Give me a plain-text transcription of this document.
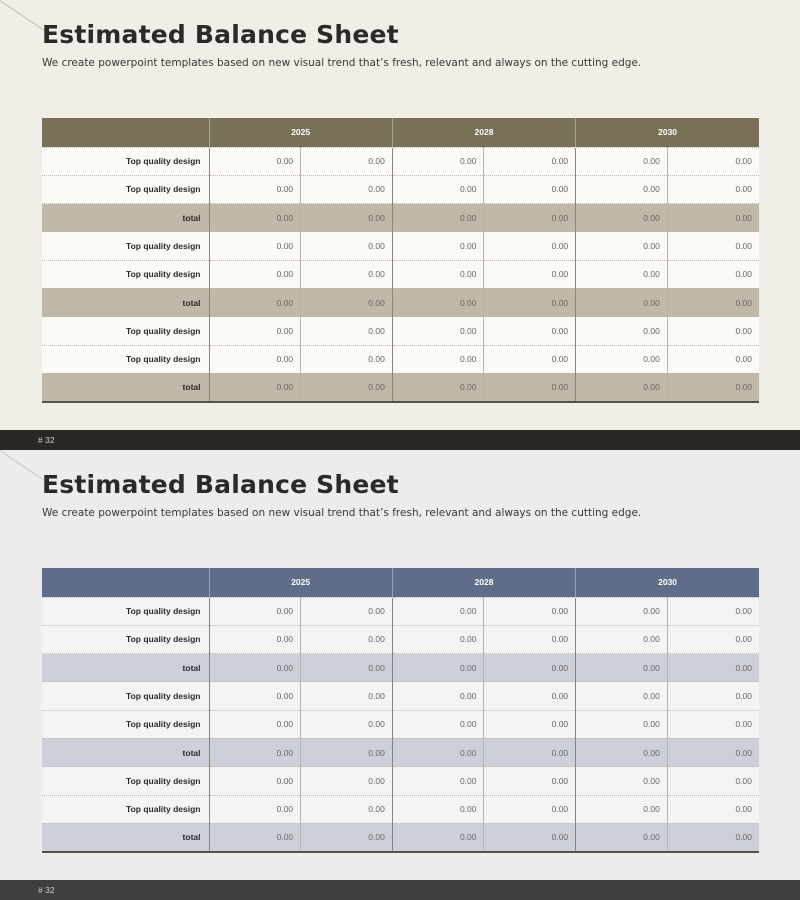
Estimated Balance Sheet

We create powerpoint templates based on new visual trend that’s fresh, relevant and always on the cutting edge.

	2025		2028		2030	
Top quality design	0.00	0.00	0.00	0.00	0.00	0.00
Top quality design	0.00	0.00	0.00	0.00	0.00	0.00
total	0.00	0.00	0.00	0.00	0.00	0.00
Top quality design	0.00	0.00	0.00	0.00	0.00	0.00
Top quality design	0.00	0.00	0.00	0.00	0.00	0.00
total	0.00	0.00	0.00	0.00	0.00	0.00
Top quality design	0.00	0.00	0.00	0.00	0.00	0.00
Top quality design	0.00	0.00	0.00	0.00	0.00	0.00
total	0.00	0.00	0.00	0.00	0.00	0.00
# 32
Estimated Balance Sheet

We create powerpoint templates based on new visual trend that’s fresh, relevant and always on the cutting edge.

	2025		2028		2030	
Top quality design	0.00	0.00	0.00	0.00	0.00	0.00
Top quality design	0.00	0.00	0.00	0.00	0.00	0.00
total	0.00	0.00	0.00	0.00	0.00	0.00
Top quality design	0.00	0.00	0.00	0.00	0.00	0.00
Top quality design	0.00	0.00	0.00	0.00	0.00	0.00
total	0.00	0.00	0.00	0.00	0.00	0.00
Top quality design	0.00	0.00	0.00	0.00	0.00	0.00
Top quality design	0.00	0.00	0.00	0.00	0.00	0.00
total	0.00	0.00	0.00	0.00	0.00	0.00
# 32
